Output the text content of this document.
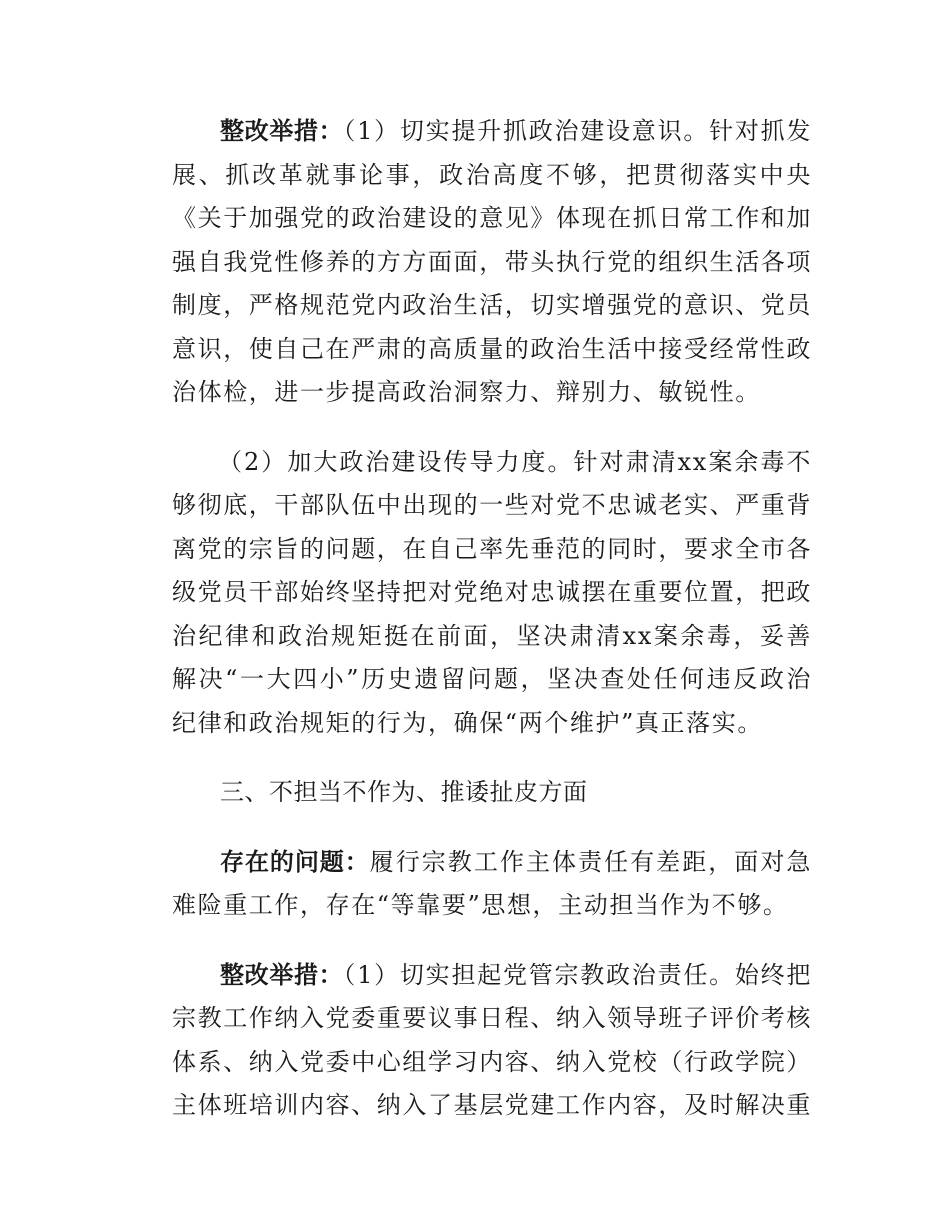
整改举措：（1）切实提升抓政治建设意识。针对抓发展、抓改革就事论事，政治高度不够，把贯彻落实中央《关于加强党的政治建设的意见》体现在抓日常工作和加强自我党性修养的方方面面，带头执行党的组织生活各项制度，严格规范党内政治生活，切实增强党的意识、党员意识，使自己在严肃的高质量的政治生活中接受经常性政治体检，进一步提高政治洞察力、辩别力、敏锐性。

（2）加大政治建设传导力度。针对肃清xx案余毒不够彻底，干部队伍中出现的一些对党不忠诚老实、严重背离党的宗旨的问题，在自己率先垂范的同时，要求全市各级党员干部始终坚持把对党绝对忠诚摆在重要位置，把政治纪律和政治规矩挺在前面，坚决肃清xx案余毒，妥善解决“一大四小”历史遗留问题，坚决查处任何违反政治纪律和政治规矩的行为，确保“两个维护”真正落实。

三、不担当不作为、推诿扯皮方面

存在的问题：履行宗教工作主体责任有差距，面对急难险重工作，存在“等靠要”思想，主动担当作为不够。

整改举措：（1）切实担起党管宗教政治责任。始终把宗教工作纳入党委重要议事日程、纳入领导班子评价考核体系、纳入党委中心组学习内容、纳入党校（行政学院）主体班培训内容、纳入了基层党建工作内容，及时解决重
